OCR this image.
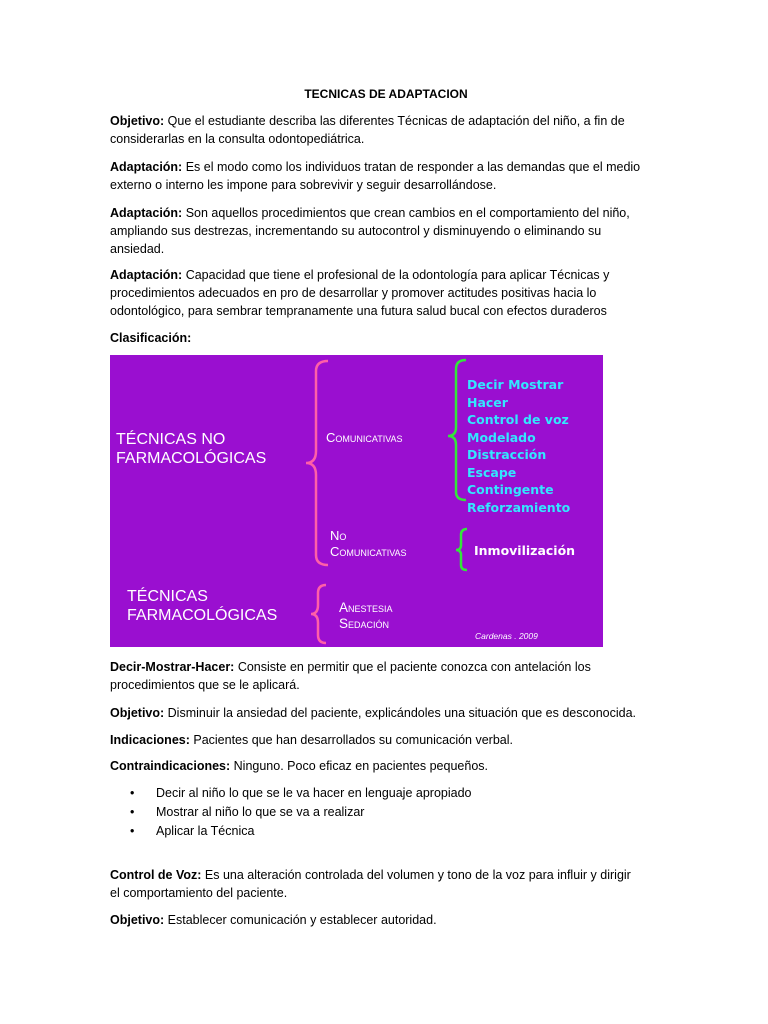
TECNICAS DE ADAPTACION
Objetivo: Que el estudiante describa las diferentes Técnicas de adaptación del niño, a fin de
considerarlas en la consulta odontopediátrica.
Adaptación: Es el modo como los individuos tratan de responder a las demandas que el medio
externo o interno les impone para sobrevivir y seguir desarrollándose.
Adaptación: Son aquellos procedimientos que crean cambios en el comportamiento del niño,
ampliando sus destrezas, incrementando su autocontrol y disminuyendo o eliminando su
ansiedad.
Adaptación: Capacidad que tiene el profesional de la odontología para aplicar Técnicas y
procedimientos adecuados en pro de desarrollar y promover actitudes positivas hacia lo
odontológico, para sembrar tempranamente una futura salud bucal con efectos duraderos
Clasificación:
TÉCNICAS NO
FARMACOLÓGICAS
Comunicativas
No
Comunicativas
Decir Mostrar Hacer
Control de voz
Modelado
Distracción
Escape Contingente
Reforzamiento
Inmovilización
TÉCNICAS
FARMACOLÓGICAS	Anestesia
Sedación
Cardenas . 2009
Decir-Mostrar-Hacer: Consiste en permitir que el paciente conozca con antelación los
procedimientos que se le aplicará.
Objetivo: Disminuir la ansiedad del paciente, explicándoles una situación que es desconocida.
Indicaciones: Pacientes que han desarrollados su comunicación verbal.
Contraindicaciones: Ninguno. Poco eficaz en pacientes pequeños.
• Decir al niño lo que se le va hacer en lenguaje apropiado
• Mostrar al niño lo que se va a realizar
• Aplicar la Técnica
Control de Voz: Es una alteración controlada del volumen y tono de la voz para influir y dirigir
el comportamiento del paciente.
Objetivo: Establecer comunicación y establecer autoridad.
